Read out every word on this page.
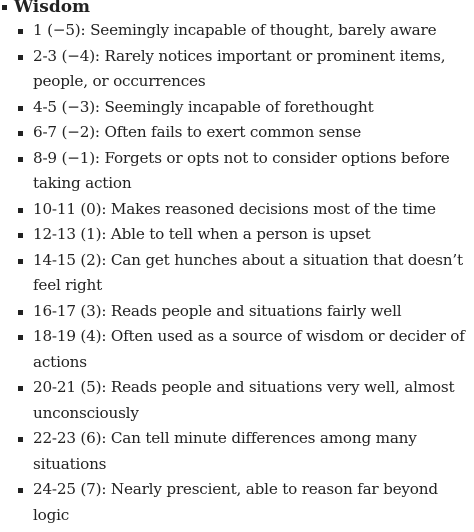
Wisdom
1 (−5): Seemingly incapable of thought, barely aware
2-3 (−4): Rarely notices important or prominent items, people, or occurrences
4-5 (−3): Seemingly incapable of forethought
6-7 (−2): Often fails to exert common sense
8-9 (−1): Forgets or opts not to consider options before taking action
10-11 (0): Makes reasoned decisions most of the time
12-13 (1): Able to tell when a person is upset
14-15 (2): Can get hunches about a situation that doesn’t feel right
16-17 (3): Reads people and situations fairly well
18-19 (4): Often used as a source of wisdom or decider of actions
20-21 (5): Reads people and situations very well, almost unconsciously
22-23 (6): Can tell minute differences among many situations
24-25 (7): Nearly prescient, able to reason far beyond logic
